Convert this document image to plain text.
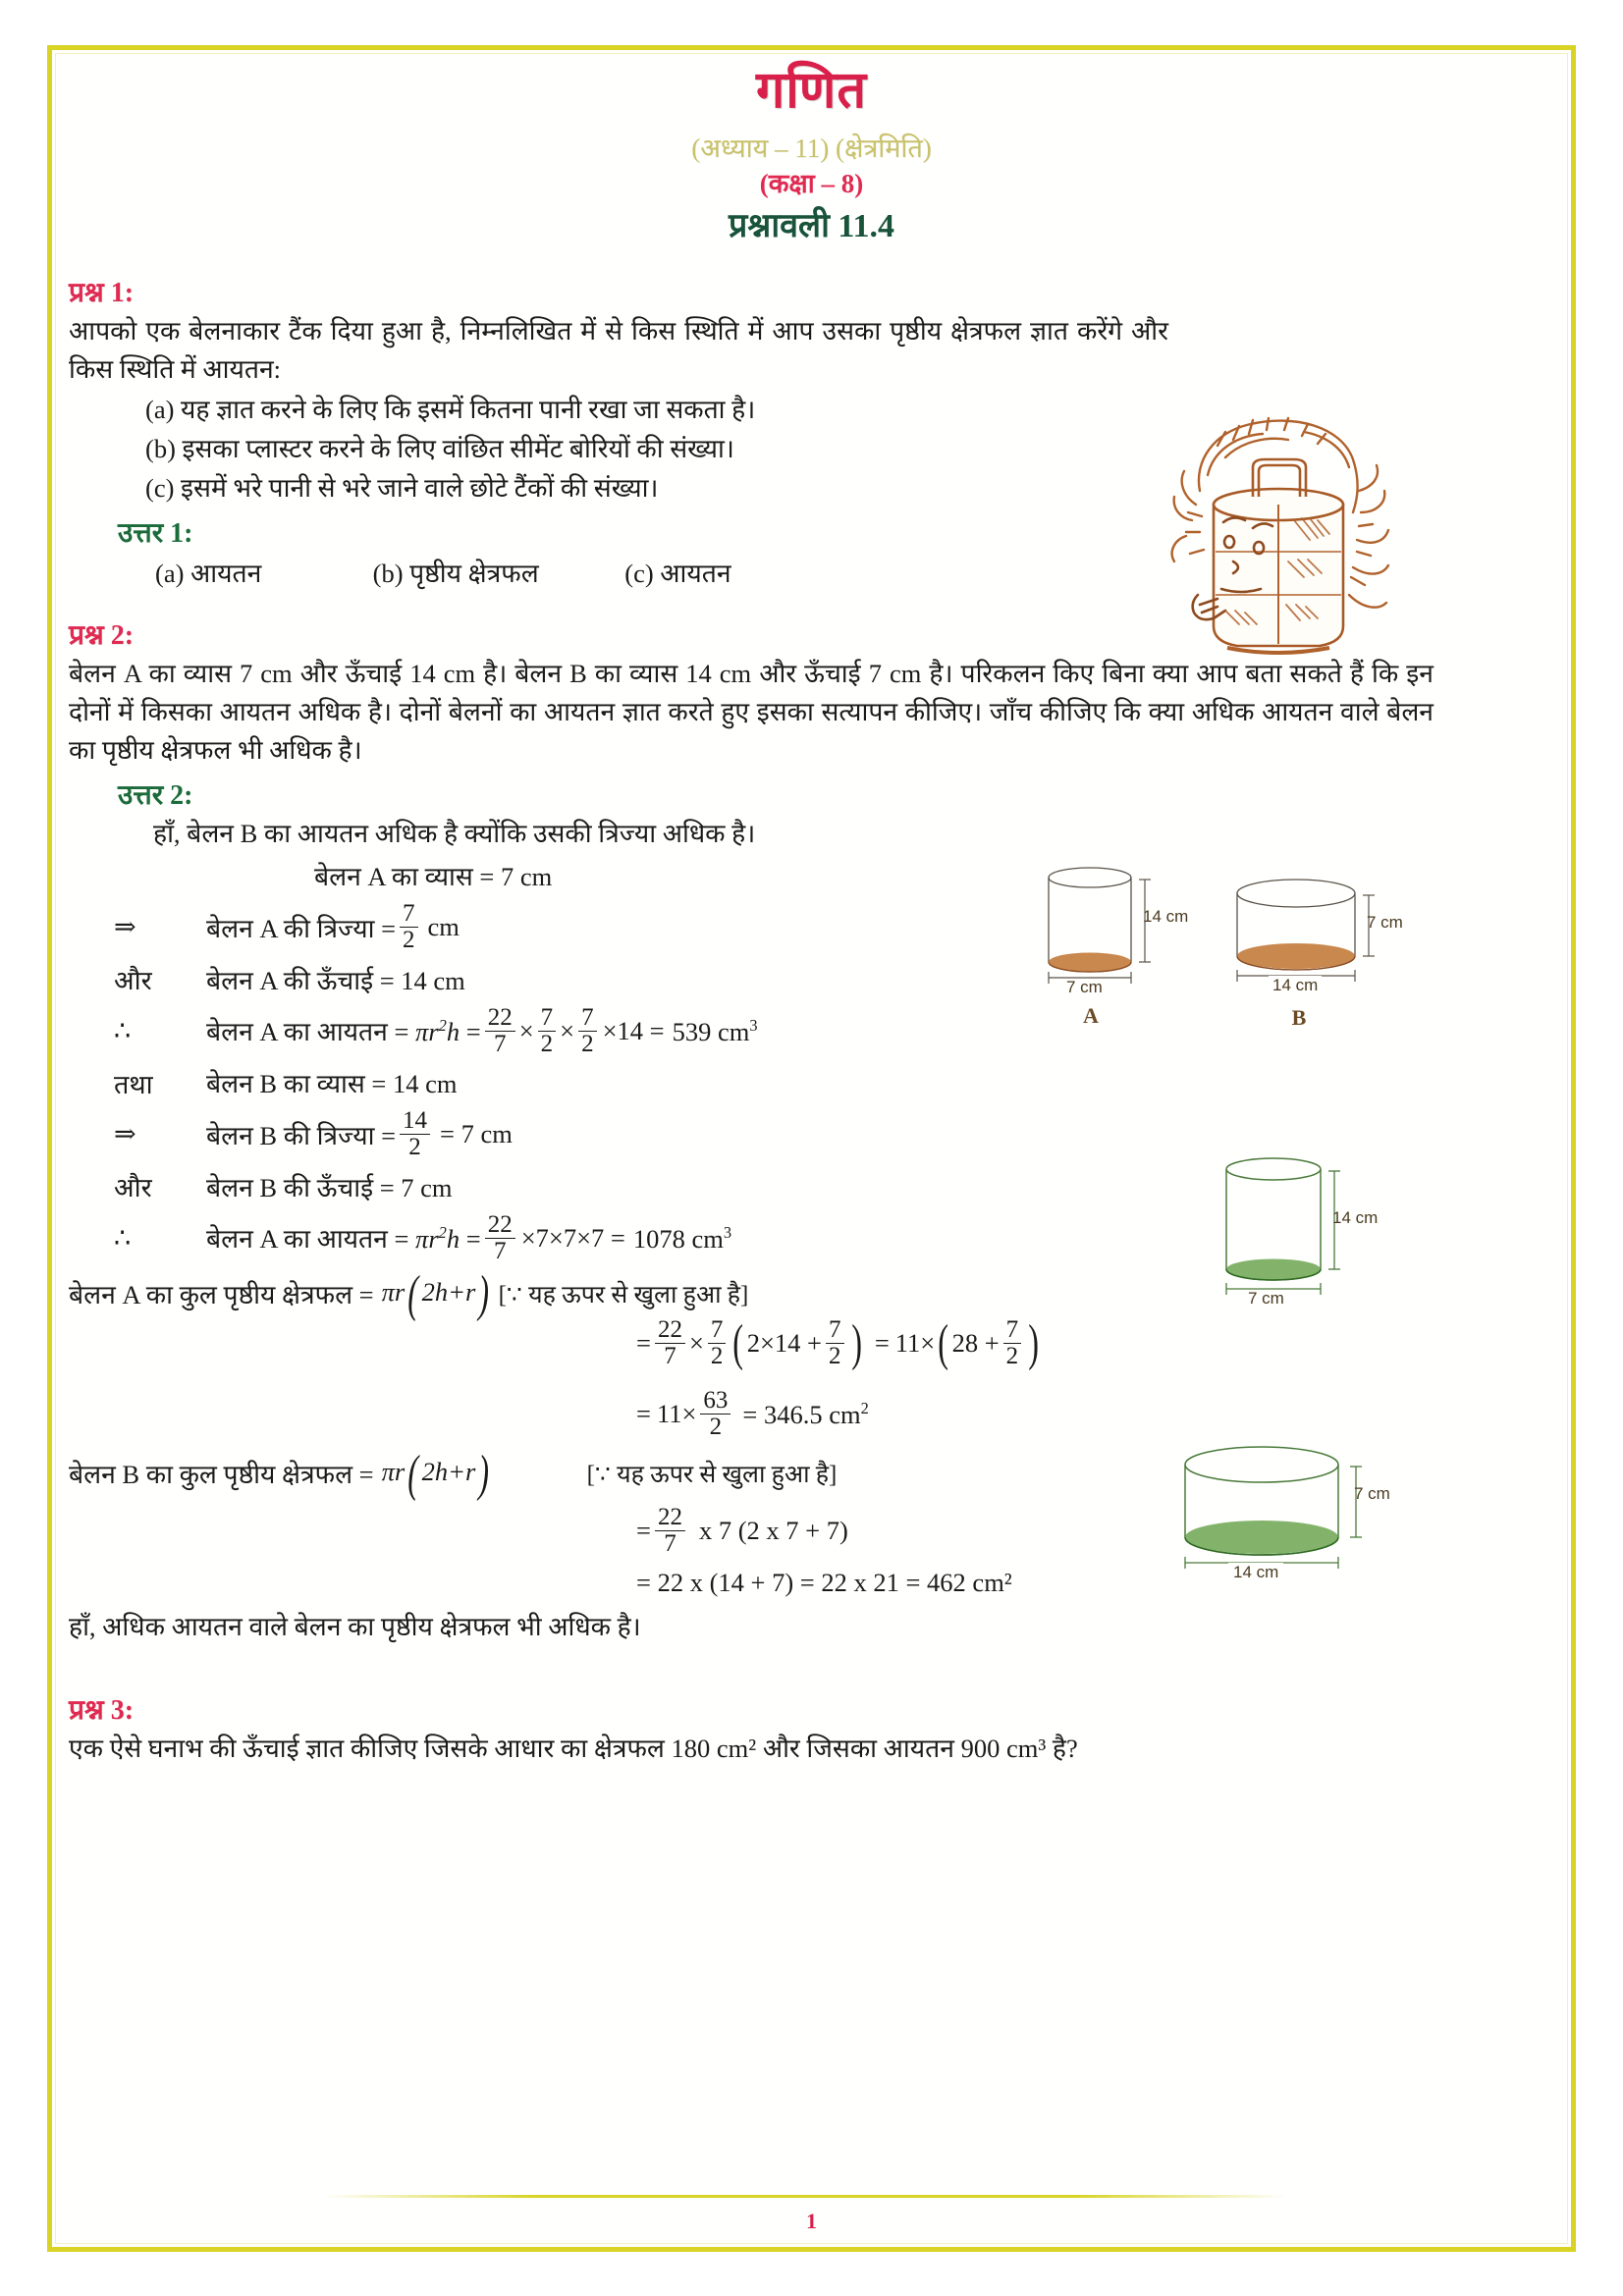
गणित
(अध्याय – 11) (क्षेत्रमिति)
(कक्षा – 8)
प्रश्नावली 11.4
प्रश्न 1:
आपको एक बेलनाकार टैंक दिया हुआ है, निम्नलिखित में से किस स्थिति में आप उसका पृष्ठीय क्षेत्रफल ज्ञात करेंगे और किस स्थिति में आयतन:
(a) यह ज्ञात करने के लिए कि इसमें कितना पानी रखा जा सकता है।
(b) इसका प्लास्टर करने के लिए वांछित सीमेंट बोरियों की संख्या।
(c) इसमें भरे पानी से भरे जाने वाले छोटे टैंकों की संख्या।
उत्तर 1:
(a) आयतन	(b) पृष्ठीय क्षेत्रफल	(c) आयतन
प्रश्न 2:
बेलन A का व्यास 7 cm और ऊँचाई 14 cm है। बेलन B का व्यास 14 cm और ऊँचाई 7 cm है। परिकलन किए बिना क्या आप बता सकते हैं कि इन दोनों में किसका आयतन अधिक है। दोनों बेलनों का आयतन ज्ञात करते हुए इसका सत्यापन कीजिए। जाँच कीजिए कि क्या अधिक आयतन वाले बेलन का पृष्ठीय क्षेत्रफल भी अधिक है।
उत्तर 2:
हाँ, बेलन B का आयतन अधिक है क्योंकि उसकी त्रिज्या अधिक है।
बेलन A का व्यास = 7 cm
⇒	बेलन A की त्रिज्या = $\frac{7}{2}$ cm
और	बेलन A की ऊँचाई = 14 cm
∴	बेलन A का आयतन = $\pi r^2h = \frac{22}{7} \times \frac{7}{2} \times \frac{7}{2} \times 14 = 539$ $cm^3$
तथा	बेलन B का व्यास = 14 cm
⇒	बेलन B की त्रिज्या = $\frac{14}{2} = 7$ cm
और	बेलन B की ऊँचाई = 7 cm
∴	बेलन A का आयतन = $\pi r^2h = \frac{22}{7} \times 7\times 7\times 7 = 1078$ $cm^3$
बेलन A का कुल पृष्ठीय क्षेत्रफल = πr( 2h+r) [∵ यह ऊपर से खुला हुआ है]
= $\frac{22}{7} \times \frac{7}{2}$ ( $2\times 14 + \frac{7}{2}$ ) = 11× ( $28 + \frac{7}{2}$ )
= $11\times \frac{63}{2} = 346.5$ $cm^2$
बेलन B का कुल पृष्ठीय क्षेत्रफल = πr( 2h+r)	[∵ यह ऊपर से खुला हुआ है]
= $\frac{22}{7}$ x 7 (2 x 7 + 7)
= 22 x (14 + 7) = 22 x 21 = 462 cm²
हाँ, अधिक आयतन वाले बेलन का पृष्ठीय क्षेत्रफल भी अधिक है।
प्रश्न 3:
एक ऐसे घनाभ की ऊँचाई ज्ञात कीजिए जिसके आधार का क्षेत्रफल 180 cm² और जिसका आयतन 900 cm³ है?
14 cm
7 cm
A
7 cm
14 cm
B
14 cm
7 cm
7 cm
14 cm
1
